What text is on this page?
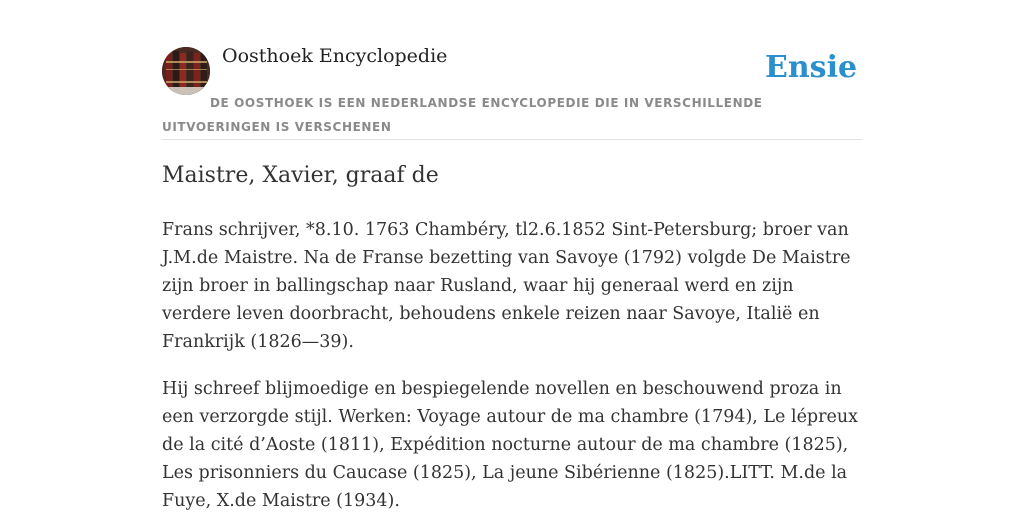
Oosthoek Encyclopedie	Ensie
DE OOSTHOEK IS EEN NEDERLANDSE ENCYCLOPEDIE DIE IN VERSCHILLENDE UITVOERINGEN IS VERSCHENEN
Maistre, Xavier, graaf de

Frans schrijver, *8.10. 1763 Chambéry, tl2.6.1852 Sint-Petersburg; broer van J.M.de Maistre. Na de Franse bezetting van Savoye (1792) volgde De Maistre zijn broer in ballingschap naar Rusland, waar hij generaal werd en zijn verdere leven doorbracht, behoudens enkele reizen naar Savoye, Italië en Frankrijk (1826—39).

Hij schreef blijmoedige en bespiegelende novellen en beschouwend proza in een verzorgde stijl. Werken: Voyage autour de ma chambre (1794), Le lépreux de la cité d’Aoste (1811), Expédition nocturne autour de ma chambre (1825), Les prisonniers du Caucase (1825), La jeune Sibérienne (1825).LITT. M.de la Fuye, X.de Maistre (1934).
